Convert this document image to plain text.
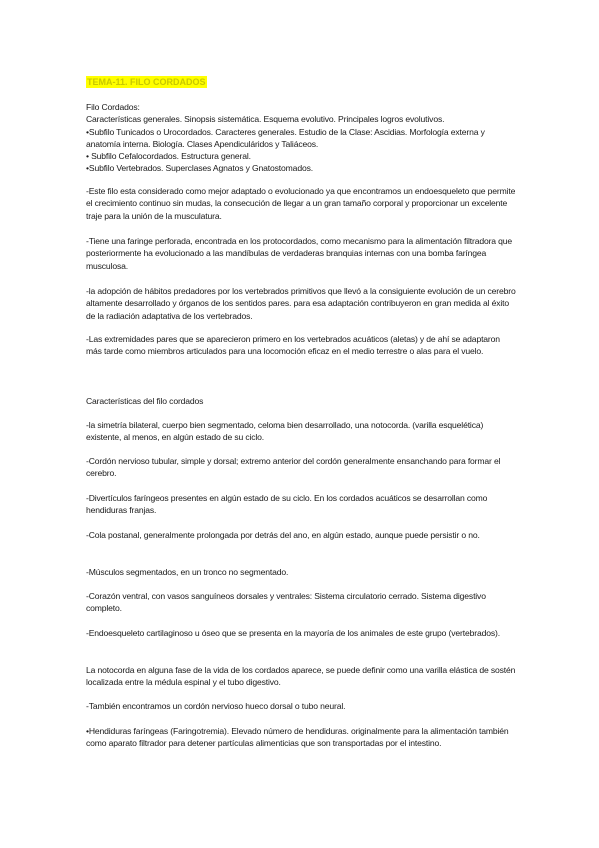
TEMA-11. FILO CORDADOS
Filo Cordados:
Características generales. Sinopsis sistemática. Esquema evolutivo. Principales logros evolutivos.
•Subfilo Tunicados o Urocordados. Caracteres generales. Estudio de la Clase: Ascidias. Morfología externa y anatomía interna. Biología. Clases Apendiculáridos y Taliáceos.
• Subfilo Cefalocordados. Estructura general.
•Subfilo Vertebrados. Superclases Agnatos y Gnatostomados.
-Este filo esta considerado como mejor adaptado o evolucionado ya que encontramos un endoesqueleto que permite el crecimiento continuo sin mudas, la consecución de llegar a un gran tamaño corporal y proporcionar un excelente traje para la unión de la musculatura.
-Tiene una faringe perforada, encontrada en los protocordados, como mecanismo para la alimentación filtradora que posteriormente ha evolucionado a las mandíbulas de verdaderas branquias internas con una bomba faríngea musculosa.
-la adopción de hábitos predadores por los vertebrados primitivos que llevó a la consiguiente evolución de un cerebro altamente desarrollado y órganos de los sentidos pares. para esa adaptación contribuyeron en gran medida al éxito de la radiación adaptativa de los vertebrados.
-Las extremidades pares que se aparecieron primero en los vertebrados acuáticos (aletas) y de ahí se adaptaron más tarde como miembros articulados para una locomoción eficaz en el medio terrestre o alas para el vuelo.
Características del filo cordados
-la simetría bilateral, cuerpo bien segmentado, celoma bien desarrollado, una notocorda. (varilla esquelética) existente, al menos, en algún estado de su ciclo.
-Cordón nervioso tubular, simple y dorsal; extremo anterior del cordón generalmente ensanchando para formar el cerebro.
-Divertículos faríngeos presentes en algún estado de su ciclo. En los cordados acuáticos se desarrollan como hendiduras franjas.
-Cola postanal, generalmente prolongada por detrás del ano, en algún estado, aunque puede persistir o no.
-Músculos segmentados, en un tronco no segmentado.
-Corazón ventral, con vasos sanguíneos dorsales y ventrales: Sistema circulatorio cerrado. Sistema digestivo completo.
-Endoesqueleto cartilaginoso u óseo que se presenta en la mayoría de los animales de este grupo (vertebrados).
La notocorda en alguna fase de la vida de los cordados aparece, se puede definir como una varilla elástica de sostén localizada entre la médula espinal y el tubo digestivo.
-También encontramos un cordón nervioso hueco dorsal o tubo neural.
•Hendiduras faríngeas (Faringotremia). Elevado número de hendiduras. originalmente para la alimentación también como aparato filtrador para detener partículas alimenticias que son transportadas por el intestino.
